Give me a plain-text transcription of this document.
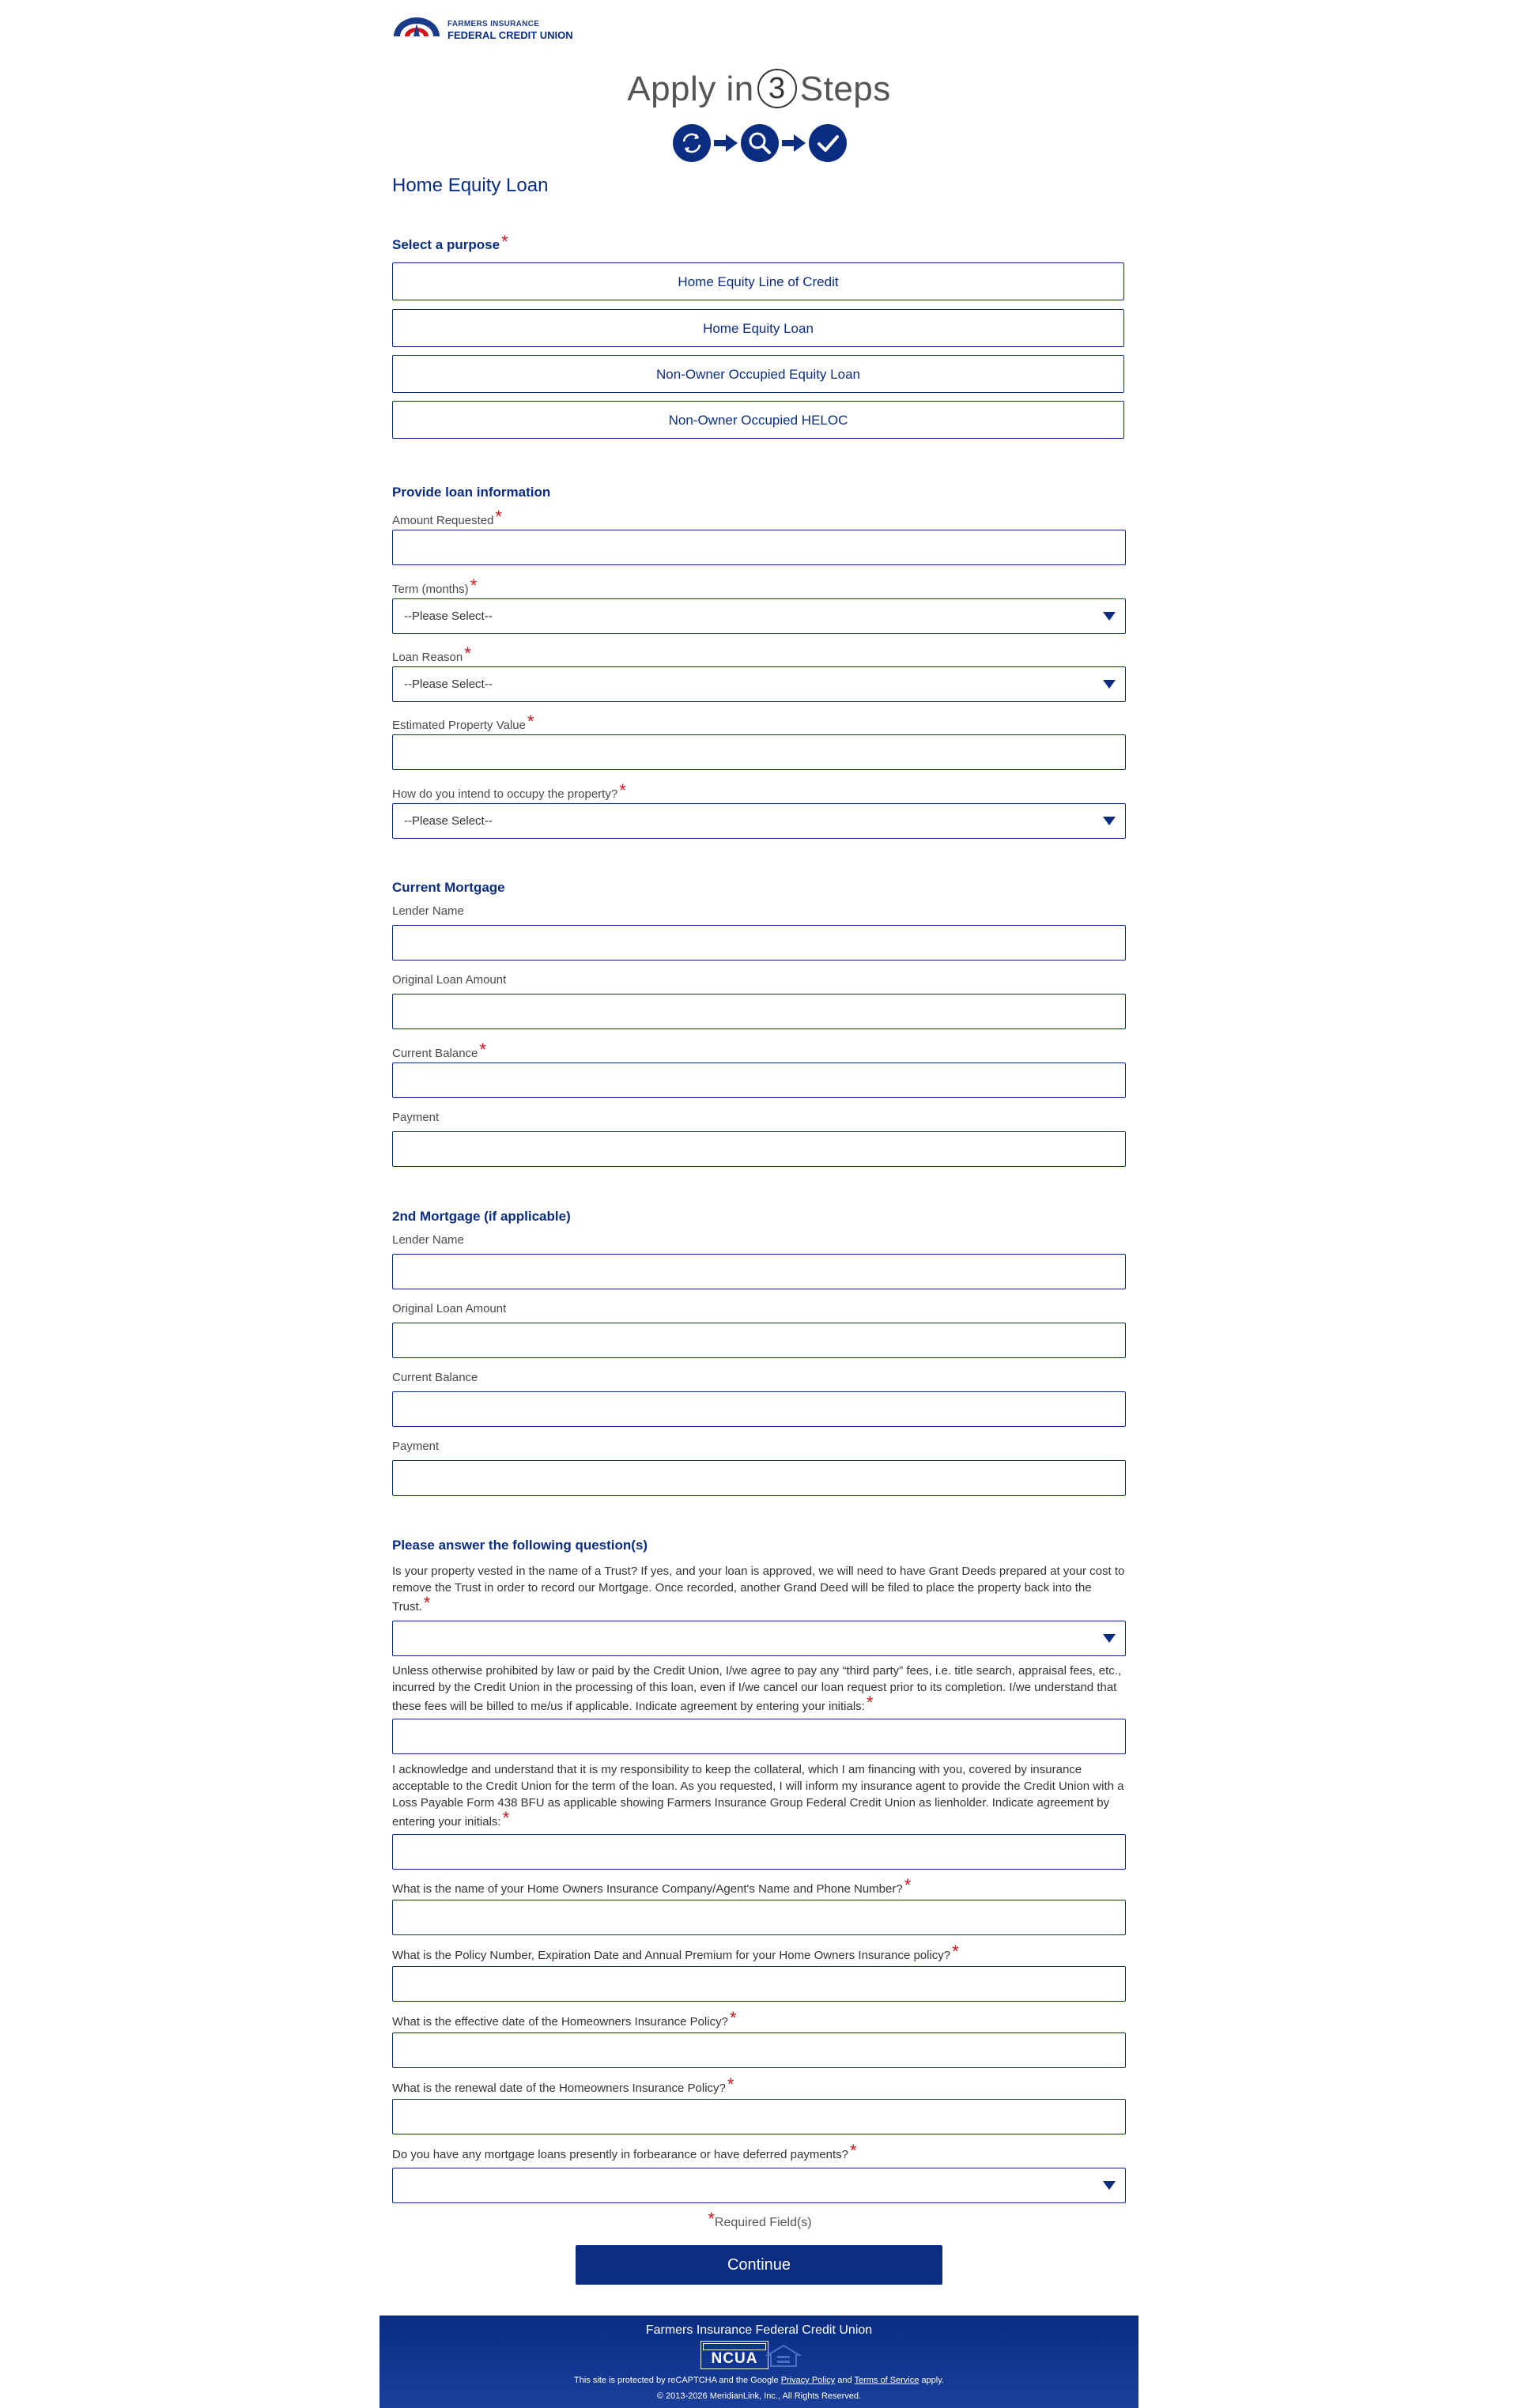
FARMERS INSURANCE
FEDERAL CREDIT UNION
Apply in 3 Steps
Home Equity Loan
Select a purpose*
Home Equity Line of Credit
Home Equity Loan
Non-Owner Occupied Equity Loan
Non-Owner Occupied HELOC
Provide loan information
Amount Requested*
Term (months)*
--Please Select--
Loan Reason*
--Please Select--
Estimated Property Value*
How do you intend to occupy the property?*
--Please Select--
Current Mortgage
Lender Name
Original Loan Amount
Current Balance*
Payment
2nd Mortgage (if applicable)
Lender Name
Original Loan Amount
Current Balance
Payment
Please answer the following question(s)
Is your property vested in the name of a Trust? If yes, and your loan is approved, we will need to have Grant Deeds prepared at your cost to remove the Trust in order to record our Mortgage. Once recorded, another Grand Deed will be filed to place the property back into the Trust.*
Unless otherwise prohibited by law or paid by the Credit Union, I/we agree to pay any “third party” fees, i.e. title search, appraisal fees, etc., incurred by the Credit Union in the processing of this loan, even if I/we cancel our loan request prior to its completion. I/we understand that these fees will be billed to me/us if applicable. Indicate agreement by entering your initials:*
I acknowledge and understand that it is my responsibility to keep the collateral, which I am financing with you, covered by insurance acceptable to the Credit Union for the term of the loan. As you requested, I will inform my insurance agent to provide the Credit Union with a Loss Payable Form 438 BFU as applicable showing Farmers Insurance Group Federal Credit Union as lienholder. Indicate agreement by entering your initials:*
What is the name of your Home Owners Insurance Company/Agent's Name and Phone Number?*
What is the Policy Number, Expiration Date and Annual Premium for your Home Owners Insurance policy?*
What is the effective date of the Homeowners Insurance Policy?*
What is the renewal date of the Homeowners Insurance Policy?*
Do you have any mortgage loans presently in forbearance or have deferred payments?*
*Required Field(s)
Continue
Farmers Insurance Federal Credit Union
NCUA
This site is protected by reCAPTCHA and the Google Privacy Policy and Terms of Service apply.
© 2013-2026 MeridianLink, Inc., All Rights Reserved.
